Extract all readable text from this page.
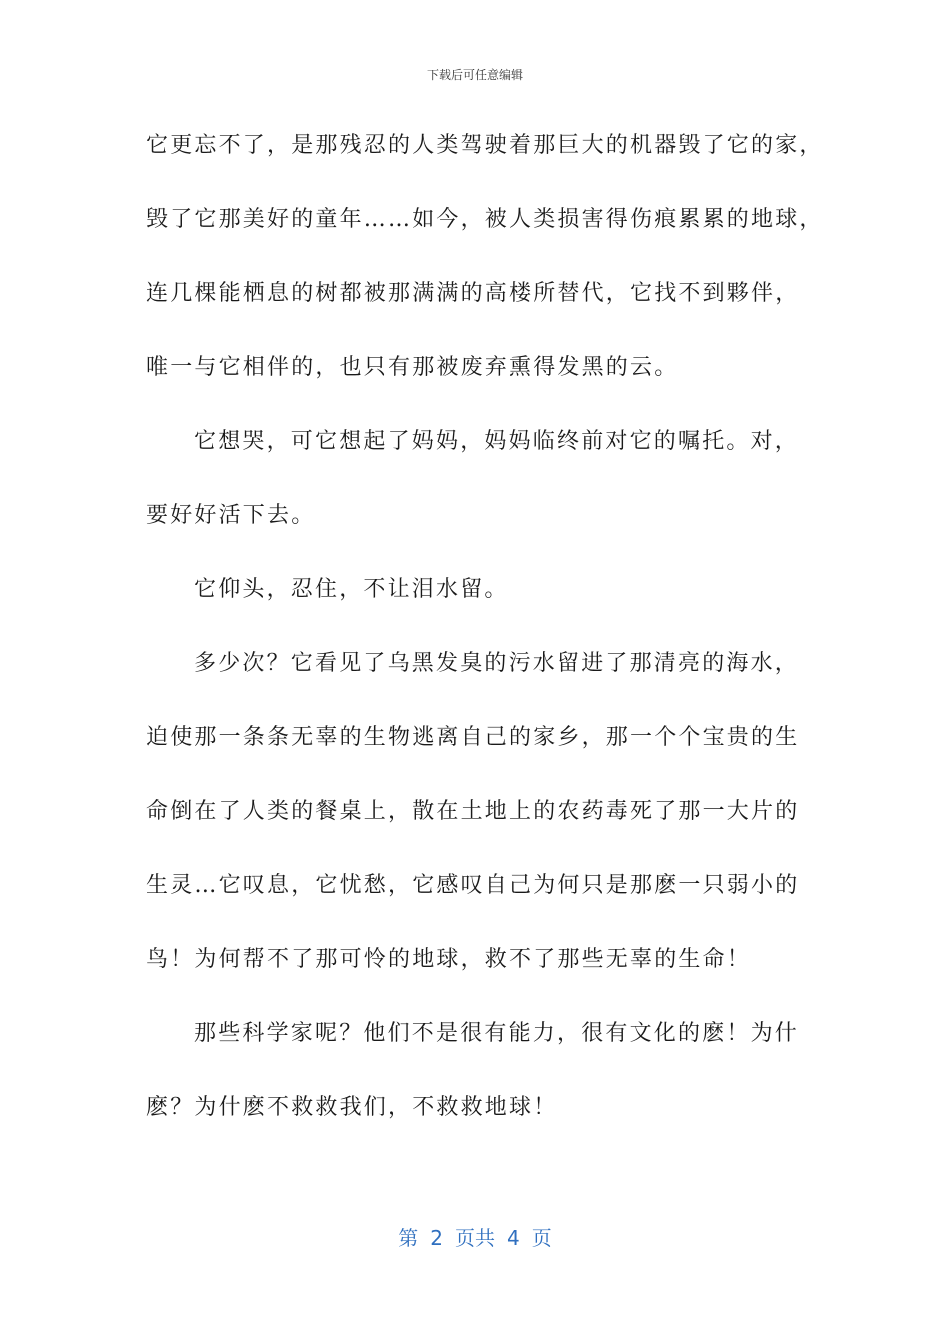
下载后可任意编辑
它更忘不了，是那残忍的人类驾驶着那巨大的机器毁了它的家，
毁了它那美好的童年……如今，被人类损害得伤痕累累的地球，
连几棵能栖息的树都被那满满的高楼所替代，它找不到夥伴，
唯一与它相伴的，也只有那被废弃熏得发黑的云。
它想哭，可它想起了妈妈，妈妈临终前对它的嘱托。对，
要好好活下去。
它仰头，忍住，不让泪水留。
多少次？它看见了乌黑发臭的污水留进了那清亮的海水，
迫使那一条条无辜的生物逃离自己的家乡，那一个个宝贵的生
命倒在了人类的餐桌上，散在土地上的农药毒死了那一大片的
生灵…它叹息，它忧愁，它感叹自己为何只是那麽一只弱小的
鸟！为何帮不了那可怜的地球，救不了那些无辜的生命！
那些科学家呢？他们不是很有能力，很有文化的麽！为什
麽？为什麽不救救我们，不救救地球！
第 2 页共 4 页
